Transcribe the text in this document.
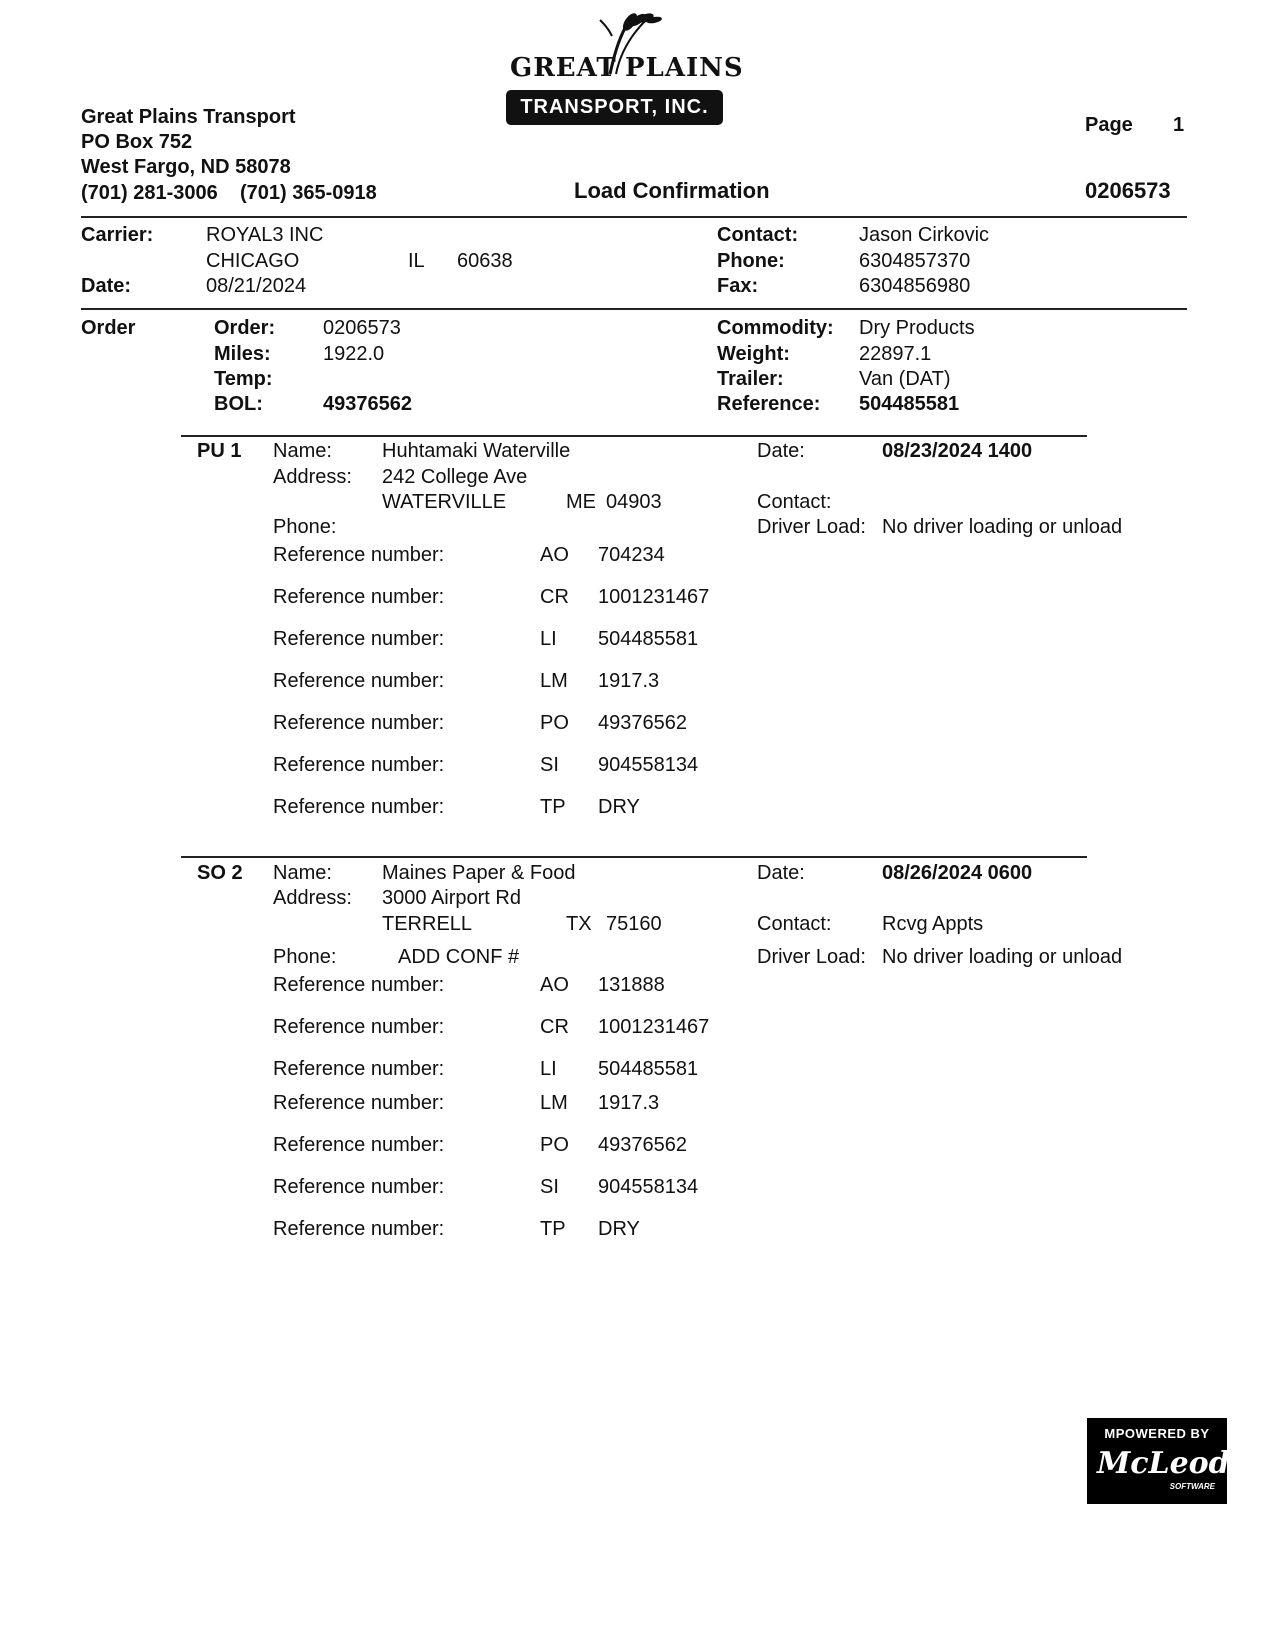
GREAT PLAINS
TRANSPORT, INC.
Great Plains Transport
PO Box 752
West Fargo, ND 58078
(701) 281-3006 (701) 365-0918
Page 1
Load Confirmation	0206573
Carrier:	ROYAL3 INC
CHICAGO	IL 60638
Date:	08/21/2024
Contact:	Jason Cirkovic
Phone:	6304857370
Fax:	6304856980
Order	Order: 0206573
Miles:	1922.0
Temp:
BOL:	49376562
Commodity: Dry Products
Weight:	22897.1
Trailer:	Van (DAT)
Reference: 504485581
PU 1 Name:	Huhtamaki Waterville
Address: 242 College Ave
WATERVILLE	ME 04903
Phone:
Date:	08/23/2024 1400
Contact:
Driver Load: No driver loading or unload
Reference number:	AO 704234
Reference number:	CR 1001231467
Reference number:	LI 504485581
Reference number:	LM 1917.3
Reference number:	PO 49376562
Reference number:	SI 904558134
Reference number:	TP DRY
SO 2 Name:	Maines Paper & Food
Address: 3000 Airport Rd
TERRELL	TX 75160
Phone:	ADD CONF #
Date:	08/26/2024 0600
Contact:	Rcvg Appts
Driver Load: No driver loading or unload
Reference number:	AO 131888
Reference number:	CR 1001231467
Reference number:	LI 504485581
Reference number:	LM 1917.3
Reference number:	PO 49376562
Reference number:	SI 904558134
Reference number:	TP DRY
MPOWERED BY
McLeod
SOFTWARE
